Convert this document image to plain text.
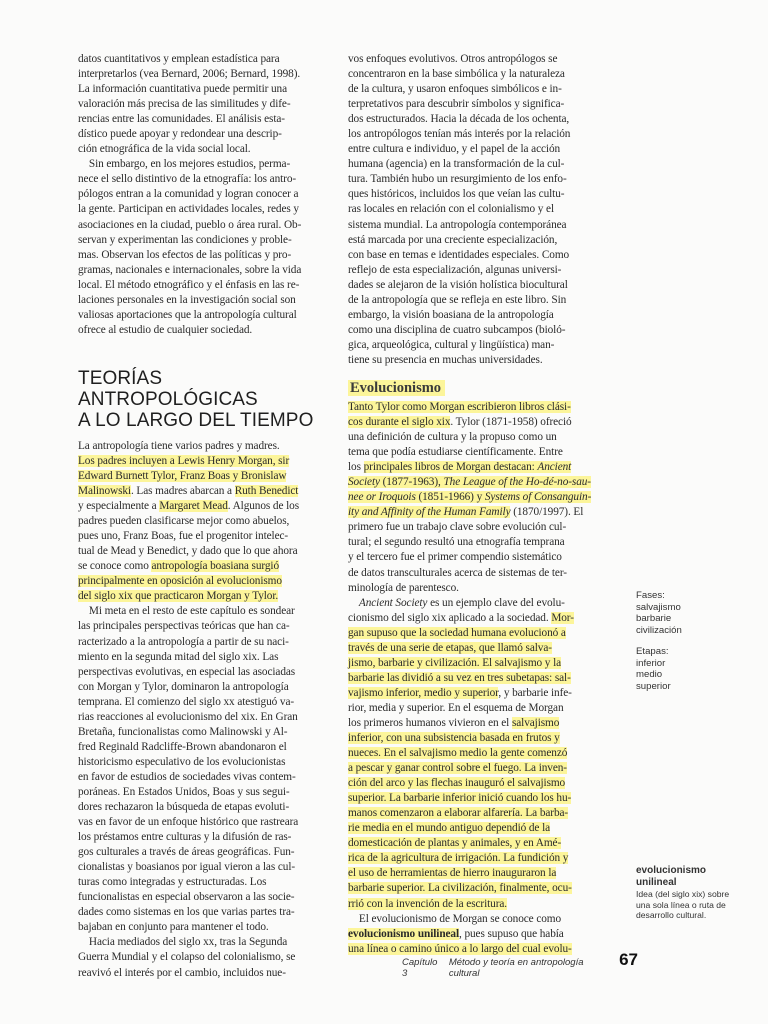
datos cuantitativos y emplean estadística para

interpretarlos (vea Bernard, 2006; Bernard, 1998).

La información cuantitativa puede permitir una

valoración más precisa de las similitudes y dife-

rencias entre las comunidades. El análisis esta-

dístico puede apoyar y redondear una descrip-

ción etnográfica de la vida social local.

Sin embargo, en los mejores estudios, perma-

nece el sello distintivo de la etnografía: los antro-

pólogos entran a la comunidad y logran conocer a

la gente. Participan en actividades locales, redes y

asociaciones en la ciudad, pueblo o área rural. Ob-

servan y experimentan las condiciones y proble-

mas. Observan los efectos de las políticas y pro-

gramas, nacionales e internacionales, sobre la vida

local. El método etnográfico y el énfasis en las re-

laciones personales en la investigación social son

valiosas aportaciones que la antropología cultural

ofrece al estudio de cualquier sociedad.

TEORÍAS ANTROPOLÓGICAS
A LO LARGO DEL TIEMPO

La antropología tiene varios padres y madres.

Los padres incluyen a Lewis Henry Morgan, sir

Edward Burnett Tylor, Franz Boas y Bronislaw

Malinowski. Las madres abarcan a Ruth Benedict

y especialmente a Margaret Mead. Algunos de los

padres pueden clasificarse mejor como abuelos,

pues uno, Franz Boas, fue el progenitor intelec-

tual de Mead y Benedict, y dado que lo que ahora

se conoce como antropología boasiana surgió

principalmente en oposición al evolucionismo

del siglo xix que practicaron Morgan y Tylor.

Mi meta en el resto de este capítulo es sondear

las principales perspectivas teóricas que han ca-

racterizado a la antropología a partir de su naci-

miento en la segunda mitad del siglo xix. Las

perspectivas evolutivas, en especial las asociadas

con Morgan y Tylor, dominaron la antropología

temprana. El comienzo del siglo xx atestiguó va-

rias reacciones al evolucionismo del xix. En Gran

Bretaña, funcionalistas como Malinowski y Al-

fred Reginald Radcliffe-Brown abandonaron el

historicismo especulativo de los evolucionistas

en favor de estudios de sociedades vivas contem-

poráneas. En Estados Unidos, Boas y sus segui-

dores rechazaron la búsqueda de etapas evoluti-

vas en favor de un enfoque histórico que rastreara

los préstamos entre culturas y la difusión de ras-

gos culturales a través de áreas geográficas. Fun-

cionalistas y boasianos por igual vieron a las cul-

turas como integradas y estructuradas. Los

funcionalistas en especial observaron a las socie-

dades como sistemas en los que varias partes tra-

bajaban en conjunto para mantener el todo.

Hacia mediados del siglo xx, tras la Segunda

Guerra Mundial y el colapso del colonialismo, se

reavivó el interés por el cambio, incluidos nue-

vos enfoques evolutivos. Otros antropólogos se

concentraron en la base simbólica y la naturaleza

de la cultura, y usaron enfoques simbólicos e in-

terpretativos para descubrir símbolos y significa-

dos estructurados. Hacia la década de los ochenta,

los antropólogos tenían más interés por la relación

entre cultura e individuo, y el papel de la acción

humana (agencia) en la transformación de la cul-

tura. También hubo un resurgimiento de los enfo-

ques históricos, incluidos los que veían las cultu-

ras locales en relación con el colonialismo y el

sistema mundial. La antropología contemporánea

está marcada por una creciente especialización,

con base en temas e identidades especiales. Como

reflejo de esta especialización, algunas universi-

dades se alejaron de la visión holística biocultural

de la antropología que se refleja en este libro. Sin

embargo, la visión boasiana de la antropología

como una disciplina de cuatro subcampos (bioló-

gica, arqueológica, cultural y lingüística) man-

tiene su presencia en muchas universidades.

Evolucionismo

Tanto Tylor como Morgan escribieron libros clási-

cos durante el siglo xix. Tylor (1871-1958) ofreció

una definición de cultura y la propuso como un

tema que podía estudiarse científicamente. Entre

los principales libros de Morgan destacan: Ancient

Society (1877-1963), The League of the Ho-dé-no-sau-

nee or Iroquois (1851-1966) y Systems of Consanguin-

ity and Affinity of the Human Family (1870/1997). El

primero fue un trabajo clave sobre evolución cul-

tural; el segundo resultó una etnografía temprana

y el tercero fue el primer compendio sistemático

de datos transculturales acerca de sistemas de ter-

minología de parentesco.

Ancient Society es un ejemplo clave del evolu-

cionismo del siglo xix aplicado a la sociedad. Mor-

gan supuso que la sociedad humana evolucionó a

través de una serie de etapas, que llamó salva-

jismo, barbarie y civilización. El salvajismo y la

barbarie las dividió a su vez en tres subetapas: sal-

vajismo inferior, medio y superior, y barbarie infe-

rior, media y superior. En el esquema de Morgan

los primeros humanos vivieron en el salvajismo

inferior, con una subsistencia basada en frutos y

nueces. En el salvajismo medio la gente comenzó

a pescar y ganar control sobre el fuego. La inven-

ción del arco y las flechas inauguró el salvajismo

superior. La barbarie inferior inició cuando los hu-

manos comenzaron a elaborar alfarería. La barba-

rie media en el mundo antiguo dependió de la

domesticación de plantas y animales, y en Amé-

rica de la agricultura de irrigación. La fundición y

el uso de herramientas de hierro inauguraron la

barbarie superior. La civilización, finalmente, ocu-

rrió con la invención de la escritura.

El evolucionismo de Morgan se conoce como

evolucionismo unilineal, pues supuso que había

una línea o camino único a lo largo del cual evolu-

Fases:
salvajismo
barbarie
civilización
Etapas:
inferior
medio
superior
evolucionismo unilineal
Idea (del siglo xix) sobre una sola línea o ruta de desarrollo cultural.
Capítulo 3
Método y teoría en antropología cultural
67
